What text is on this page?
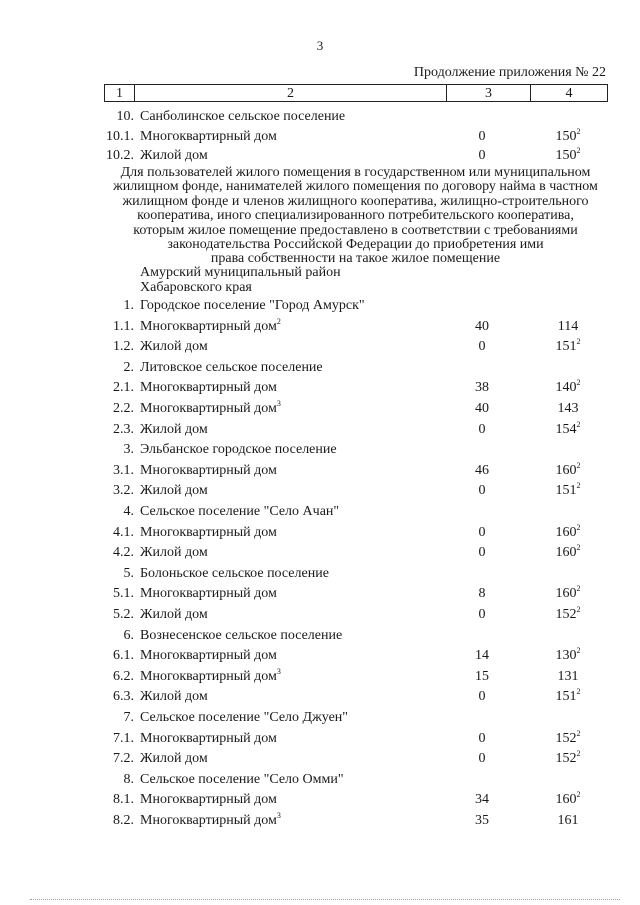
3
Продолжение приложения № 22
1	2	3	4
10. Санболинское сельское поселение
10.1. Многоквартирный дом	0	$150^2$
10.2. Жилой дом	0	$150^2$
Для пользователей жилого помещения в государственном или муниципальном
жилищном фонде, нанимателей жилого помещения по договору найма в частном
жилищном фонде и членов жилищного кооператива, жилищно-строительного
кооператива, иного специализированного потребительского кооператива,
которым жилое помещение предоставлено в соответствии с требованиями
законодательства Российской Федерации до приобретения ими
права собственности на такое жилое помещение
Амурский муниципальный район
Хабаровского края
1. Городское поселение "Город Амурск"
1.1. Многоквартирный дом$^2$	40	114
1.2. Жилой дом	0	$151^2$
2. Литовское сельское поселение
2.1. Многоквартирный дом	38	$140^2$
2.2. Многоквартирный дом$^3$	40	143
2.3. Жилой дом	0	$154^2$
3. Эльбанское городское поселение
3.1. Многоквартирный дом	46	$160^2$
3.2. Жилой дом	0	$151^2$
4. Сельское поселение "Село Ачан"
4.1. Многоквартирный дом	0	$160^2$
4.2. Жилой дом	0	$160^2$
5. Болоньское сельское поселение
5.1. Многоквартирный дом	8	$160^2$
5.2. Жилой дом	0	$152^2$
6. Вознесенское сельское поселение
6.1. Многоквартирный дом	14	$130^2$
6.2. Многоквартирный дом$^3$	15	131
6.3. Жилой дом	0	$151^2$
7. Сельское поселение "Село Джуен"
7.1. Многоквартирный дом	0	$152^2$
7.2. Жилой дом	0	$152^2$
8. Сельское поселение "Село Омми"
8.1. Многоквартирный дом	34	$160^2$
8.2. Многоквартирный дом$^3$	35	161
